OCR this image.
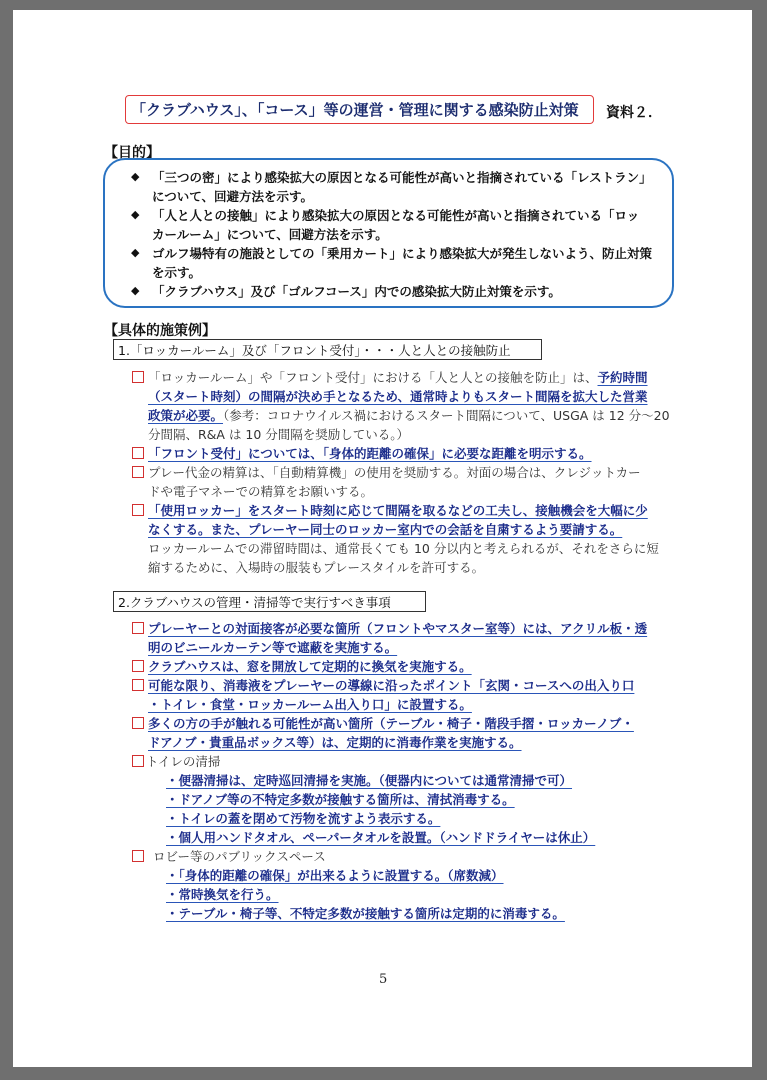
「クラブハウス」、「コース」等の運営・管理に関する感染防止対策 資料２．
【目的】
◆ 「三つの密」により感染拡大の原因となる可能性が高いと指摘されている「レストラン」
について、回避方法を示す。
◆ 「人と人との接触」により感染拡大の原因となる可能性が高いと指摘されている「ロッ
カールーム」について、回避方法を示す。
◆ ゴルフ場特有の施設としての「乗用カート」により感染拡大が発生しないよう、防止対策
を示す。
◆ 「クラブハウス」及び「ゴルフコース」内での感染拡大防止対策を示す。
【具体的施策例】
1.「ロッカールーム」及び「フロント受付」・・・人と人との接触防止
「ロッカールーム」や「フロント受付」における「人と人との接触を防止」は、予約時間
（スタート時刻）の間隔が決め手となるため、通常時よりもスタート間隔を拡大した営業
政策が必要。（参考：コロナウイルス禍におけるスタート間隔について、USGA は 12 分～20
分間隔、R&A は 10 分間隔を奨励している。）
「フロント受付」については、「身体的距離の確保」に必要な距離を明示する。
プレー代金の精算は、「自動精算機」の使用を奨励する。対面の場合は、クレジットカー
ドや電子マネーでの精算をお願いする。
「使用ロッカー」をスタート時刻に応じて間隔を取るなどの工夫し、接触機会を大幅に少
なくする。また、プレーヤー同士のロッカー室内での会話を自粛するよう要請する。
ロッカールームでの滞留時間は、通常長くても 10 分以内と考えられるが、それをさらに短
縮するために、入場時の服装もプレースタイルを許可する。
2.クラブハウスの管理・清掃等で実行すべき事項
プレーヤーとの対面接客が必要な箇所（フロントやマスター室等）には、アクリル板・透
明のビニールカーテン等で遮蔽を実施する。
クラブハウスは、窓を開放して定期的に換気を実施する。
可能な限り、消毒液をプレーヤーの導線に沿ったポイント「玄関・コースへの出入り口
・トイレ・食堂・ロッカールーム出入り口」に設置する。
多くの方の手が触れる可能性が高い箇所（テーブル・椅子・階段手摺・ロッカーノブ・
ドアノブ・貴重品ボックス等）は、定期的に消毒作業を実施する。
トイレの清掃
・便器清掃は、定時巡回清掃を実施。（便器内については通常清掃で可）
・ドアノブ等の不特定多数が接触する箇所は、清拭消毒する。
・トイレの蓋を閉めて汚物を流すよう表示する。
・個人用ハンドタオル、ペーパータオルを設置。（ハンドドライヤーは休止）
ロビー等のパブリックスペース
・「身体的距離の確保」が出来るように設置する。（席数減）
・常時換気を行う。
・テーブル・椅子等、不特定多数が接触する箇所は定期的に消毒する。
5
